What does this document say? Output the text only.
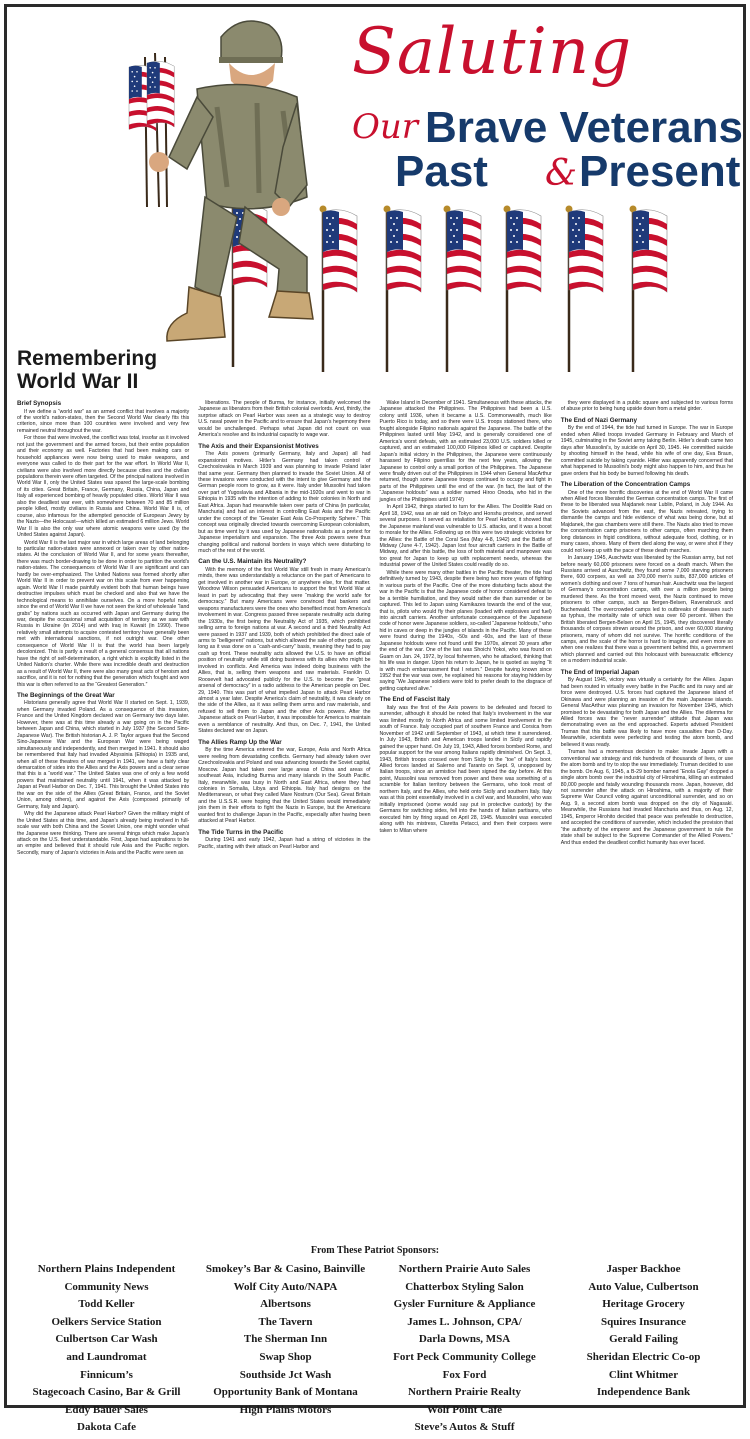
Saluting
Our Brave Veterans
Past & Present
Remembering
World War II
Brief Synopsis

If we define a “world war” as an armed conflict that involves a majority of the world’s nation-states, then the Second World War clearly fits this criterion, since more than 100 countries were involved and very few remained neutral throughout the war.

For those that were involved, the conflict was total, insofar as it involved not just the government and the armed forces, but their entire population and their economy as well. Factories that had been making cars or household appliances were now being used to make weapons, and everyone was called to do their part for the war effort. In World War II, civilians were also involved more directly because cities and the civilian populations therein were often targeted. Of the principal nations involved in World War II, only the United States was spared the large-scale bombing of its cities. Great Britain, France, Germany, Russia, China, Japan and Italy all experienced bombing of heavily populated cities. World War II was also the deadliest war ever, with somewhere between 70 and 85 million people killed, mostly civilians in Russia and China. World War II is, of course, also infamous for the attempted genocide of European Jewry by the Nazis—the Holocaust—which killed an estimated 6 million Jews. World War II is also the only war where atomic weapons were used (by the United States against Japan).

World War II is the last major war in which large areas of land belonging to particular nation-states were annexed or taken over by other nation-states. At the conclusion of World War II, and for some years thereafter, there was much border-drawing to be done in order to partition the world’s nation-states. The consequences of World War II are significant and can hardly be over-emphasized. The United Nations was formed shortly after World War II in order to prevent war on this scale from ever happening again. World War II made painfully evident both that human beings have destructive impulses which must be checked and also that we have the technological means to annihilate ourselves. On a more hopeful note, since the end of World War II we have not seen the kind of wholesale “land grabs” by nations such as occurred with Japan and Germany during the war, despite the occasional small acquisition of territory as we saw with Russia in Ukraine (in 2014) and with Iraq in Kuwait (in 1990). These relatively small attempts to acquire contested territory have generally been met with international sanctions, if not outright war. One other consequence of World War II is that the world has been largely decolonized. This is partly a result of a general consensus that all nations have the right of self-determination, a right which is explicitly listed in the United Nation’s charter. While there was incredible death and destruction as a result of World War II, there were also many great acts of heroism and sacrifice, and it is not for nothing that the generation which fought and won this war is often referred to as the “Greatest Generation.”

The Beginnings of the Great War

Historians generally agree that World War II started on Sept. 1, 1939, when Germany invaded Poland. As a consequence of this invasion, France and the United Kingdom declared war on Germany two days later. However, there was at this time already a war going on in the Pacific between Japan and China, which started in July 1937 (the Second Sino-Japanese War). The British historian A. J. P. Taylor argues that the Second Sino-Japanese War and the European War were being waged simultaneously and independently, and then merged in 1941. It should also be remembered that Italy had invaded Abyssinia (Ethiopia) in 1935 and, when all of these theatres of war merged in 1941, we have a fairly clear demarcation of sides into the Allies and the Axis powers and a clear sense that this is a “world war.” The United States was one of only a few world powers that maintained neutrality until 1941, when it was attacked by Japan at Pearl Harbor on Dec. 7, 1941. This brought the United States into the war on the side of the Allies (Great Britain, France, and the Soviet Union, among others), and against the Axis (composed primarily of Germany, Italy and Japan).

Why did the Japanese attack Pearl Harbor? Given the military might of the United States at this time, and Japan’s already being involved in full-scale war with both China and the Soviet Union, one might wonder what the Japanese were thinking. There are several things which make Japan’s attack on the U.S. fleet understandable. First, Japan had aspirations to be an empire and believed that it should rule Asia and the Pacific region. Secondly, many of Japan’s victories in Asia and the Pacific were seen as

liberations. The people of Burma, for instance, initially welcomed the Japanese as liberators from their British colonial overlords. And, thirdly, the surprise attack on Pearl Harbor was seen as a strategic way to destroy U.S. naval power in the Pacific and to ensure that Japan’s hegemony there would be unchallenged. Perhaps what Japan did not count on was America’s resolve and its industrial capacity to wage war.

The Axis and their Expansionist Motives

The Axis powers (primarily Germany, Italy and Japan) all had expansionist motives. Hitler’s Germany had taken control of Czechoslovakia in March 1939 and was planning to invade Poland later that same year. Germany then planned to invade the Soviet Union. All of these invasions were conducted with the intent to give Germany and the German people room to grow, as it were. Italy under Mussolini had taken over part of Yugoslavia and Albania in the mid-1920s and went to war in Ethiopia in 1935 with the intention of adding to their colonies in North and East Africa. Japan had meanwhile taken over parts of China (in particular, Manchuria) and had an interest in controlling East Asia and the Pacific under the concept of the “Greater East Asia Co-Prosperity Sphere.” This concept was originally directed towards overcoming European colonialism, but as time went by it was used by Japanese nationalists as a pretext for Japanese imperialism and expansion. The three Axis powers were thus changing political and national borders in ways which were disturbing to much of the rest of the world.

Can the U.S. Maintain its Neutrality?

With the memory of the first World War still fresh in many American’s minds, there was understandably a reluctance on the part of Americans to get involved in another war in Europe, or anywhere else, for that matter. Woodrow Wilson persuaded Americans to support the first World War at least in part by advocating that they were “making the world safe for democracy.” But many Americans were convinced that bankers and weapons manufacturers were the ones who benefited most from America’s involvement in war. Congress passed three separate neutrality acts during the 1930s, the first being the Neutrality Act of 1935, which prohibited selling arms to foreign nations at war. A second and a third Neutrality Act were passed in 1937 and 1939, both of which prohibited the direct sale of arms to “belligerent” nations, but which allowed the sale of other goods, as long as it was done on a “cash-and-carry” basis, meaning they had to pay cash up front. These neutrality acts allowed the U.S. to have an official position of neutrality while still doing business with its allies who might be involved in conflicts. And America was indeed doing business with the Allies, that is, selling them weapons and raw materials. Franklin D. Roosevelt had advocated publicly for the U.S. to become the “great arsenal of democracy” in a radio address to the American people on Dec. 29, 1940. This was part of what impelled Japan to attack Pearl Harbor almost a year later. Despite America’s claim of neutrality, it was clearly on the side of the Allies, as it was selling them arms and raw materials, and refused to sell them to Japan and the other Axis powers. After the Japanese attack on Pearl Harbor, it was impossible for America to maintain even a semblance of neutrality. And thus, on Dec. 7, 1941, the United States declared war on Japan.

The Allies Ramp Up the War

By the time America entered the war, Europe, Asia and North Africa were reeling from devastating conflicts. Germany had already taken over Czechoslovakia and Poland and was advancing towards the Soviet capital, Moscow. Japan had taken over large areas of China and areas of southeast Asia, including Burma and many islands in the South Pacific. Italy, meanwhile, was busy in North and East Africa, where they had colonies in Somalia, Libya and Ethiopia. Italy had designs on the Mediterranean, or what they called Mare Nostrum (Our Sea). Great Britain and the U.S.S.R. were hoping that the United States would immediately join them in their efforts to fight the Nazis in Europe, but the Americans wanted first to challenge Japan in the Pacific, especially after having been attacked at Pearl Harbor.

The Tide Turns in the Pacific

During 1941 and early 1942, Japan had a string of victories in the Pacific, starting with their attack on Pearl Harbor and

Wake Island in December of 1941. Simultaneous with these attacks, the Japanese attacked the Philippines. The Philippines had been a U.S. colony until 1936, when it became a U.S. Commonwealth, much like Puerto Rico is today, and so there were U.S. troops stationed there, who fought alongside Filipino nationals against the Japanese. The battle of the Philippines lasted until May 1942, and is generally considered one of America’s worst defeats, with an estimated 23,000 U.S. soldiers killed or captured, and an estimated 100,000 Filipinos killed or captured. Despite Japan’s initial victory in the Philippines, the Japanese were continuously harassed by Filipino guerrillas for the next few years, allowing the Japanese to control only a small portion of the Philippines. The Japanese were finally driven out of the Philippines in 1944 when General MacArthur returned, though some Japanese troops continued to occupy and fight in parts of the Philippines until the end of the war. (In fact, the last of the “Japanese holdouts” was a soldier named Hiroo Onoda, who hid in the jungles of the Philippines until 1974!)

In April 1942, things started to turn for the Allies. The Doolittle Raid on April 18, 1942, was an air raid on Tokyo and Honshu province, and served several purposes. It served as retaliation for Pearl Harbor, it showed that the Japanese mainland was vulnerable to U.S. attacks, and it was a boost to morale for the Allies. Following up on this were two strategic victories for the Allies: the Battle of the Coral Sea (May 4-8, 1942) and the Battle of Midway (June 4-7, 1942). Japan lost four aircraft carriers in the Battle of Midway, and after this battle, the loss of both material and manpower was too great for Japan to keep up with replacement needs, whereas the industrial power of the United States could readily do so.

While there were many other battles in the Pacific theater, the tide had definitively turned by 1943, despite there being two more years of fighting in various parts of the Pacific. One of the more disturbing facts about the war in the Pacific is that the Japanese code of honor considered defeat to be a terrible humiliation, and they would rather die than surrender or be captured. This led to Japan using Kamikazes towards the end of the war, that is, pilots who would fly their planes (loaded with explosives and fuel) into aircraft carriers. Another unfortunate consequence of the Japanese code of honor were Japanese soldiers, so-called “Japanese holdouts,” who hid in caves or deep in the jungles of islands in the Pacific. Many of these were found during the 1940s, -50s and -60s, and the last of these Japanese holdouts were not found until the 1970s, almost 30 years after the end of the war. One of the last was Shoichi Yokoi, who was found on Guam on Jan. 24, 1972, by local fishermen, who he attacked, thinking that his life was in danger. Upon his return to Japan, he is quoted as saying “It is with much embarrassment that I return.” Despite having known since 1952 that the war was over, he explained his reasons for staying hidden by saying “We Japanese soldiers were told to prefer death to the disgrace of getting captured alive.”

The End of Fascist Italy

Italy was the first of the Axis powers to be defeated and forced to surrender, although it should be noted that Italy’s involvement in the war was limited mostly to North Africa and some limited involvement in the south of France. Italy occupied part of southern France and Corsica from November of 1942 until September of 1943, at which time it surrendered. In July 1943, British and American troops landed in Sicily and rapidly gained the upper hand. On July 19, 1943, Allied forces bombed Rome, and popular support for the war among Italians rapidly diminished. On Sept. 3, 1943, British troops crossed over from Sicily to the “toe” of Italy’s boot. Allied forces landed at Salerno and Taranto on Sept. 9, unopposed by Italian troops, since an armistice had been signed the day before. At this point, Mussolini was removed from power and there was something of a scramble for Italian territory between the Germans, who took most of northern Italy, and the Allies, who held onto Sicily and southern Italy. Italy was at this point essentially involved in a civil war, and Mussolini, who was initially imprisoned (some would say put in protective custody) by the Germans for switching sides, fell into the hands of Italian partisans, who executed him by firing squad on April 28, 1945. Mussolini was executed along with his mistress, Claretta Petacci, and then their corpses were taken to Milan where

they were displayed in a public square and subjected to various forms of abuse prior to being hung upside down from a metal girder.

The End of Nazi Germany

By the end of 1944, the tide had turned in Europe. The war in Europe ended when Allied troops invaded Germany in February and March of 1945, culminating in the Soviet army taking Berlin. Hitler’s death came two days after Mussolini’s, by suicide on April 30, 1945. He committed suicide by shooting himself in the head, while his wife of one day, Eva Braun, committed suicide by taking cyanide. Hitler was apparently concerned that what happened to Mussolini’s body might also happen to him, and thus he gave orders that his body be burned following his death.

The Liberation of the Concentration Camps

One of the more horrific discoveries at the end of World War II came when Allied forces liberated the German concentration camps. The first of these to be liberated was Majdanek near Lublin, Poland, in July 1944. As the Soviets advanced from the east, the Nazis retreated, trying to dismantle the camps and hide evidence of what was being done, but at Majdanek, the gas chambers were still there. The Nazis also tried to move the concentration camp prisoners to other camps, often marching them long distances in frigid conditions, without adequate food, clothing, or in many cases, shoes. Many of them died along the way, or were shot if they could not keep up with the pace of these death marches.

In January 1945, Auschwitz was liberated by the Russian army, but not before nearly 60,000 prisoners were forced on a death march. When the Russians arrived at Auschwitz, they found some 7,000 starving prisoners there, 600 corpses, as well as 370,000 men’s suits, 837,000 articles of women’s clothing and over 7 tons of human hair. Auschwitz was the largest of Germany’s concentration camps, with over a million people being murdered there. As the front moved west, the Nazis continued to move prisoners to other camps, such as Bergen-Belsen, Ravensbruck and Buchenwald. The overcrowded camps led to outbreaks of diseases such as typhus, the mortality rate of which was over 60 percent. When the British liberated Bergen-Belsen on April 15, 1945, they discovered literally thousands of corpses strewn around the prison, and over 60,000 starving prisoners, many of whom did not survive. The horrific conditions of the camps, and the scale of the horror is hard to imagine, and even more so when one realizes that there was a government behind this, a government which planned and carried out this holocaust with bureaucratic efficiency on a modern industrial scale.

The End of Imperial Japan

By August 1945, victory was virtually a certainty for the Allies. Japan had been routed in virtually every battle in the Pacific and its navy and air force were destroyed. U.S. forces had captured the Japanese island of Okinawa and were planning an invasion of the main Japanese islands. General MacArthur was planning an invasion for November 1945, which promised to be devastating for both Japan and the Allies. The dilemma for Allied forces was the “never surrender” attitude that Japan was demonstrating even as the end approached. Experts advised President Truman that this battle was likely to have more casualties than D-Day. Meanwhile, scientists were perfecting and testing the atom bomb, and believed it was ready.

Truman had a momentous decision to make: invade Japan with a conventional war strategy and risk hundreds of thousands of lives, or use the atom bomb and try to stop the war immediately. Truman decided to use the bomb. On Aug. 6, 1945, a B-29 bomber named “Enola Gay” dropped a single atom bomb over the industrial city of Hiroshima, killing an estimated 80,000 people and fatally wounding thousands more. Japan, however, did not surrender after the attack on Hiroshima, with a majority of their Supreme War Council voting against unconditional surrender, and so on Aug. 9, a second atom bomb was dropped on the city of Nagasaki. Meanwhile, the Russians had invaded Manchuria and thus, on Aug. 12, 1945, Emperor Hirohito decided that peace was preferable to destruction, and accepted the conditions of surrender, which included the provision that “the authority of the emperor and the Japanese government to rule the state shall be subject to the Supreme Commander of the Allied Powers.” And thus ended the deadliest conflict humanity has ever faced.

From These Patriot Sponsors:
Northern Plains Independent
Community News
Todd Keller
Oelkers Service Station
Culbertson Car Wash
and Laundromat
Finnicum’s
Stagecoach Casino, Bar & Grill
Eddy Bauer Sales
Dakota Cafe
Smokey’s Bar & Casino, Bainville
Wolf City Auto/NAPA
Albertsons
The Tavern
The Sherman Inn
Swap Shop
Southside Jct Wash
Opportunity Bank of Montana
High Plains Motors
Northern Prairie Auto Sales
Chatterbox Styling Salon
Gysler Furniture & Appliance
James L. Johnson, CPA/
Darla Downs, MSA
Fort Peck Community College
Fox Ford
Northern Prairie Realty
Wolf Point Cafe
Steve’s Autos & Stuff
Jasper Backhoe
Auto Value, Culbertson
Heritage Grocery
Squires Insurance
Gerald Failing
Sheridan Electric Co-op
Clint Whitmer
Independence Bank
